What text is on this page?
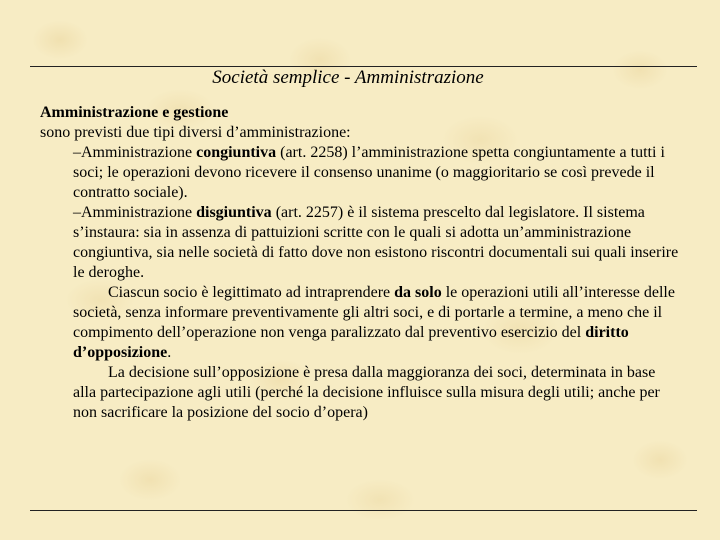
Società semplice - Amministrazione

Amministrazione e gestione

sono previsti due tipi diversi d’amministrazione:

–Amministrazione congiuntiva (art. 2258) l’amministrazione spetta congiuntamente a tutti i soci; le operazioni devono ricevere il consenso unanime (o maggioritario se così prevede il contratto sociale).

–Amministrazione disgiuntiva (art. 2257) è il sistema prescelto dal legislatore. Il sistema s’instaura: sia in assenza di pattuizioni scritte con le quali si adotta un’amministrazione congiuntiva, sia nelle società di fatto dove non esistono riscontri documentali sui quali inserire le deroghe.

Ciascun socio è legittimato ad intraprendere da solo le operazioni utili all’interesse delle società, senza informare preventivamente gli altri soci, e di portarle a termine, a meno che il compimento dell’operazione non venga paralizzato dal preventivo esercizio del diritto d’opposizione.

La decisione sull’opposizione è presa dalla maggioranza dei soci, determinata in base alla partecipazione agli utili (perché la decisione influisce sulla misura degli utili; anche per non sacrificare la posizione del socio d’opera)
